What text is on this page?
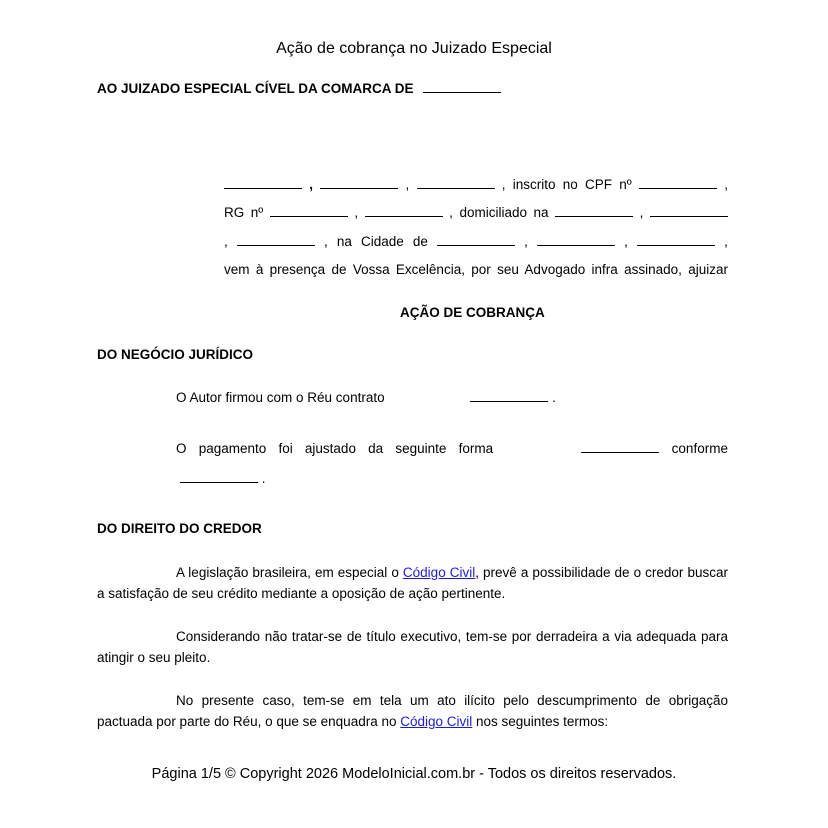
Ação de cobrança no Juizado Especial
AO JUIZADO ESPECIAL CÍVEL DA COMARCA DE
,	,	, inscrito no CPF nº	,
RG nº	,	, domiciliado na	,
,	, na Cidade de	,	,	,
vem à presença de Vossa Excelência, por seu Advogado infra assinado, ajuizar
AÇÃO DE COBRANÇA
DO NEGÓCIO JURÍDICO
O Autor firmou com o Réu contrato	.
O pagamento foi ajustado da seguinte forma	conforme
.
DO DIREITO DO CREDOR
A legislação brasileira, em especial o Código Civil, prevê a possibilidade de o credor buscar a satisfação de seu crédito mediante a oposição de ação pertinente.
Considerando não tratar-se de título executivo, tem-se por derradeira a via adequada para atingir o seu pleito.
No presente caso, tem-se em tela um ato ilícito pelo descumprimento de obrigação pactuada por parte do Réu, o que se enquadra no Código Civil nos seguintes termos:
Página 1/5 © Copyright 2026 ModeloInicial.com.br - Todos os direitos reservados.
